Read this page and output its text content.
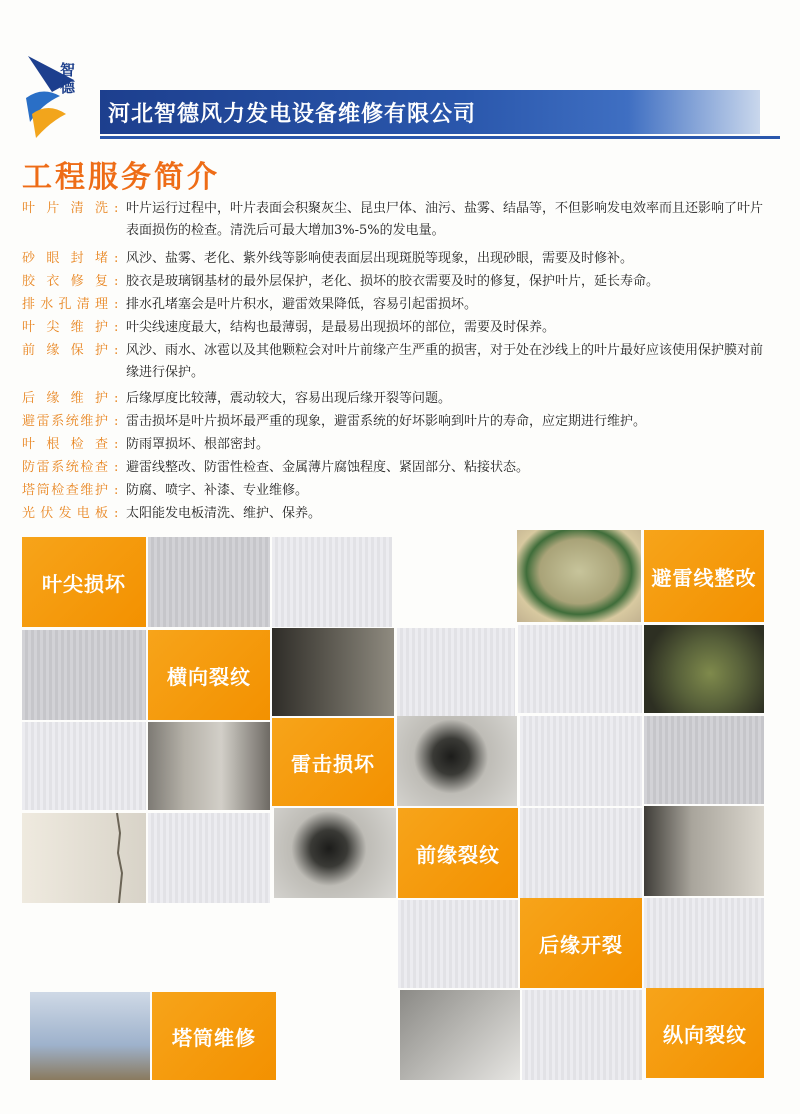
智
德
河北智德风力发电设备维修有限公司
工程服务简介
叶片清洗 : 叶片运行过程中，叶片表面会积聚灰尘、昆虫尸体、油污、盐雾、结晶等，不但影响发电效率而且还影响了叶片表面损伤的检查。清洗后可最大增加3%-5%的发电量。
砂眼封堵 : 风沙、盐雾、老化、紫外线等影响使表面层出现斑脱等现象，出现砂眼，需要及时修补。
胶衣修复 : 胶衣是玻璃钢基材的最外层保护，老化、损坏的胶衣需要及时的修复，保护叶片，延长寿命。
排水孔清理 : 排水孔堵塞会是叶片积水，避雷效果降低，容易引起雷损坏。
叶尖维护 : 叶尖线速度最大，结构也最薄弱，是最易出现损坏的部位，需要及时保养。
前缘保护 : 风沙、雨水、冰雹以及其他颗粒会对叶片前缘产生严重的损害，对于处在沙线上的叶片最好应该使用保护膜对前缘进行保护。
后缘维护 : 后缘厚度比较薄，震动较大，容易出现后缘开裂等问题。
避雷系统维护 : 雷击损坏是叶片损坏最严重的现象，避雷系统的好坏影响到叶片的寿命，应定期进行维护。
叶根检查 : 防雨罩损坏、根部密封。
防雷系统检查 : 避雷线整改、防雷性检查、金属薄片腐蚀程度、紧固部分、粘接状态。
塔筒检查维护 : 防腐、喷字、补漆、专业维修。
光伏发电板 : 太阳能发电板清洗、维护、保养。
叶尖损坏	避雷线整改
横向裂纹
雷击损坏
前缘裂纹
后缘开裂
塔筒维修	纵向裂纹
